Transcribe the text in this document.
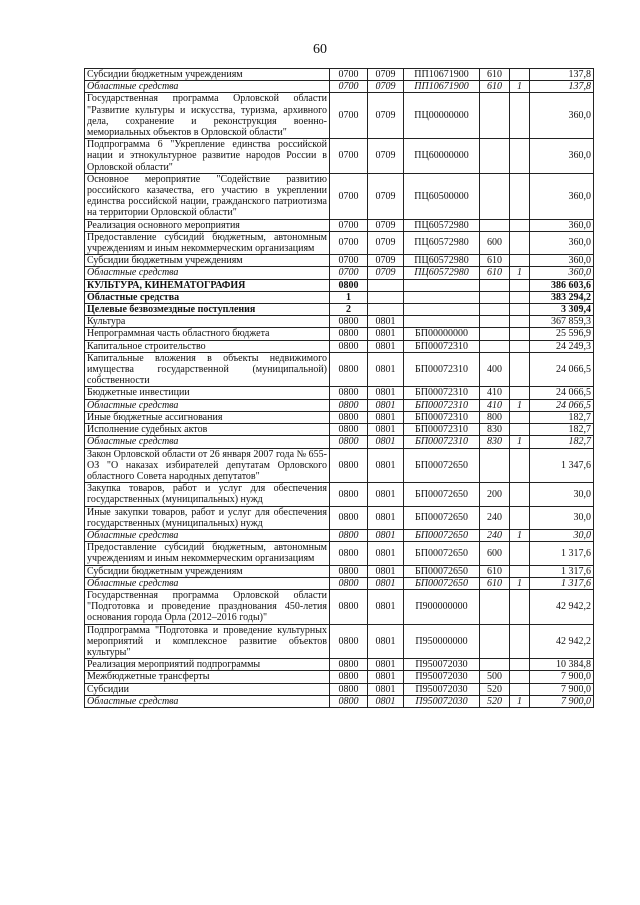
60
Субсидии бюджетным учреждениям	0700	0709	ПП10671900	610		137,8
Областные средства	0700	0709	ПП10671900	610	1	137,8
Государственная программа Орловской области "Развитие культуры и искусства, туризма, архивного дела, сохранение и реконструкция военно-мемориальных объектов в Орловской области"	0700	0709	ПЦ00000000			360,0
Подпрограмма 6 "Укрепление единства российской нации и этнокультурное развитие народов России в Орловской области"	0700	0709	ПЦ60000000			360,0
Основное мероприятие "Содействие развитию российского казачества, его участию в укреплении единства российской нации, гражданского патриотизма на территории Орловской области"	0700	0709	ПЦ60500000			360,0
Реализация основного мероприятия	0700	0709	ПЦ60572980			360,0
Предоставление субсидий бюджетным, автономным учреждениям и иным некоммерческим организациям	0700	0709	ПЦ60572980	600		360,0
Субсидии бюджетным учреждениям	0700	0709	ПЦ60572980	610		360,0
Областные средства	0700	0709	ПЦ60572980	610	1	360,0
КУЛЬТУРА, КИНЕМАТОГРАФИЯ	0800					386 603,6
Областные средства	1					383 294,2
Целевые безвозмездные поступления	2					3 309,4
Культура	0800	0801				367 859,3
Непрограммная часть областного бюджета	0800	0801	БП00000000			25 596,9
Капитальное строительство	0800	0801	БП00072310			24 249,3
Капитальные вложения в объекты недвижимого имущества государственной (муниципальной) собственности	0800	0801	БП00072310	400		24 066,5
Бюджетные инвестиции	0800	0801	БП00072310	410		24 066,5
Областные средства	0800	0801	БП00072310	410	1	24 066,5
Иные бюджетные ассигнования	0800	0801	БП00072310	800		182,7
Исполнение судебных актов	0800	0801	БП00072310	830		182,7
Областные средства	0800	0801	БП00072310	830	1	182,7
Закон Орловской области от 26 января 2007 года № 655-ОЗ "О наказах избирателей депутатам Орловского областного Совета народных депутатов"	0800	0801	БП00072650			1 347,6
Закупка товаров, работ и услуг для обеспечения государственных (муниципальных) нужд	0800	0801	БП00072650	200		30,0
Иные закупки товаров, работ и услуг для обеспечения государственных (муниципальных) нужд	0800	0801	БП00072650	240		30,0
Областные средства	0800	0801	БП00072650	240	1	30,0
Предоставление субсидий бюджетным, автономным учреждениям и иным некоммерческим организациям	0800	0801	БП00072650	600		1 317,6
Субсидии бюджетным учреждениям	0800	0801	БП00072650	610		1 317,6
Областные средства	0800	0801	БП00072650	610	1	1 317,6
Государственная программа Орловской области "Подготовка и проведение празднования 450-летия основания города Орла (2012–2016 годы)"	0800	0801	П900000000			42 942,2
Подпрограмма "Подготовка и проведение культурных мероприятий и комплексное развитие объектов культуры"	0800	0801	П950000000			42 942,2
Реализация мероприятий подпрограммы	0800	0801	П950072030			10 384,8
Межбюджетные трансферты	0800	0801	П950072030	500		7 900,0
Субсидии	0800	0801	П950072030	520		7 900,0
Областные средства	0800	0801	П950072030	520	1	7 900,0
